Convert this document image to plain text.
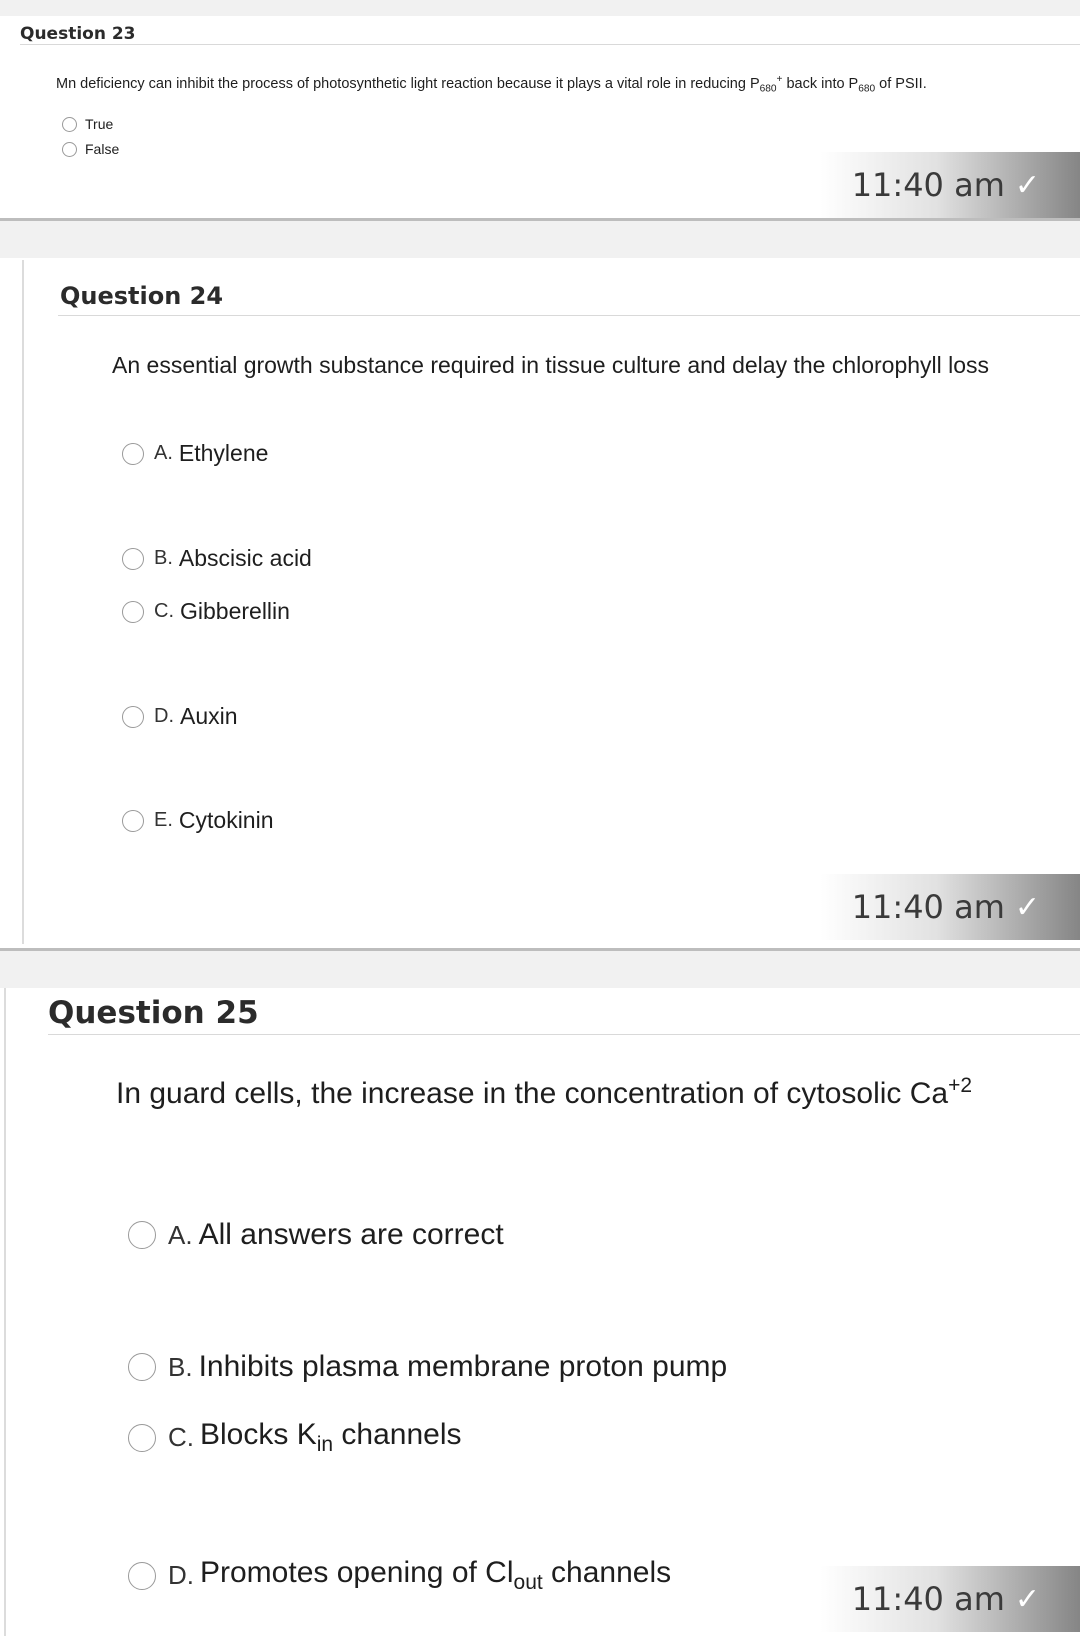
Question 23
Mn deficiency can inhibit the process of photosynthetic light reaction because it plays a vital role in reducing $P_{680}^+$ back into $P_{680}$ of PSII.
True
False
11:40 am ✓
Question 24
An essential growth substance required in tissue culture and delay the chlorophyll loss
A. Ethylene
B. Abscisic acid
C. Gibberellin
D. Auxin
E. Cytokinin
11:40 am ✓
Question 25
In guard cells, the increase in the concentration of cytosolic $Ca^{+2}$
A. All answers are correct
B. Inhibits plasma membrane proton pump
C. Blocks $K_{in}$ channels
D. Promotes opening of $Cl_{out}$ channels
11:40 am ✓
